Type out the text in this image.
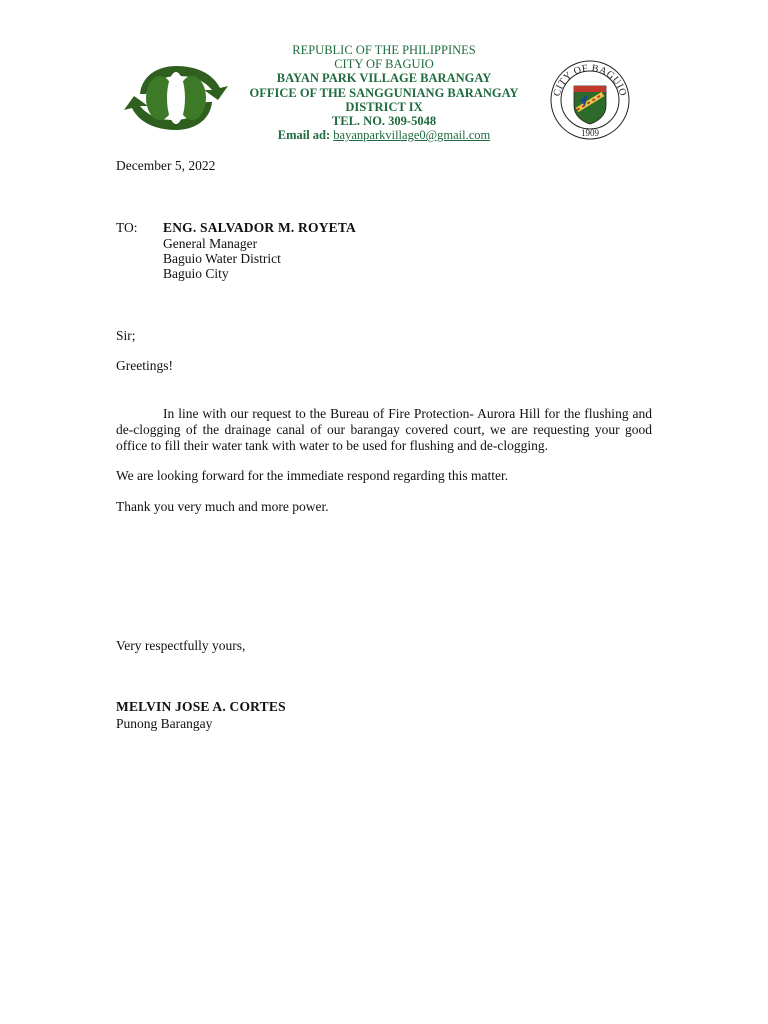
REPUBLIC OF THE PHILIPPINES
CITY OF BAGUIO
BAYAN PARK VILLAGE BARANGAY
OFFICE OF THE SANGGUNIANG BARANGAY
DISTRICT IX
TEL. NO. 309-5048
Email ad: bayanparkvillage0@gmail.com
CITY OF BAGUIO
1909
December 5, 2022
TO: ENG. SALVADOR M. ROYETA
General Manager
Baguio Water District
Baguio City
Sir;
Greetings!
In line with our request to the Bureau of Fire Protection- Aurora Hill for the flushing and de-clogging of the drainage canal of our barangay covered court, we are requesting your good office to fill their water tank with water to be used for flushing and de-clogging.
We are looking forward for the immediate respond regarding this matter.
Thank you very much and more power.
Very respectfully yours,
MELVIN JOSE A. CORTES
Punong Barangay
